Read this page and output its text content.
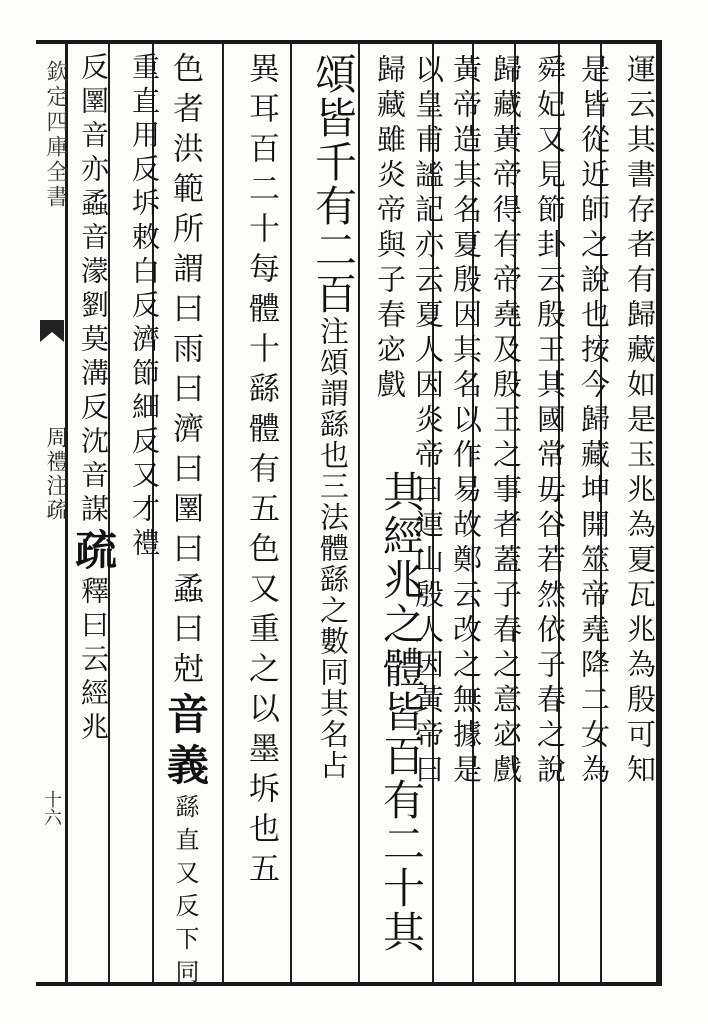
欽定四庫全書
周禮注疏
十六
運云其書存者有歸藏如是玉兆為夏瓦兆為殷可知
是皆從近師之說也按今歸藏坤開筮帝堯降二女為
舜妃又見節卦云殷王其國常毋谷若然依子春之說
歸藏黃帝得有帝堯及殷王之事者蓋子春之意宓戲
黃帝造其名夏殷因其名以作易故鄭云改之無據是
以皇甫謐記亦云夏人因炎帝曰連山殷人因黃帝曰
歸藏雖炎帝與子春宓戲
其經兆之體皆百有二十其
頌皆千有二百注頌謂繇也三法體繇之數同其名占
異耳百二十每體十繇體有五色又重之以墨坼也五
色者洪範所謂曰雨曰濟曰圛曰蟊曰尅音義繇直又反下同
重直用反坼敕白反濟節細反又才禮
反圛音亦蟊音濛劉莫溝反沈音謀疏釋曰云經兆
